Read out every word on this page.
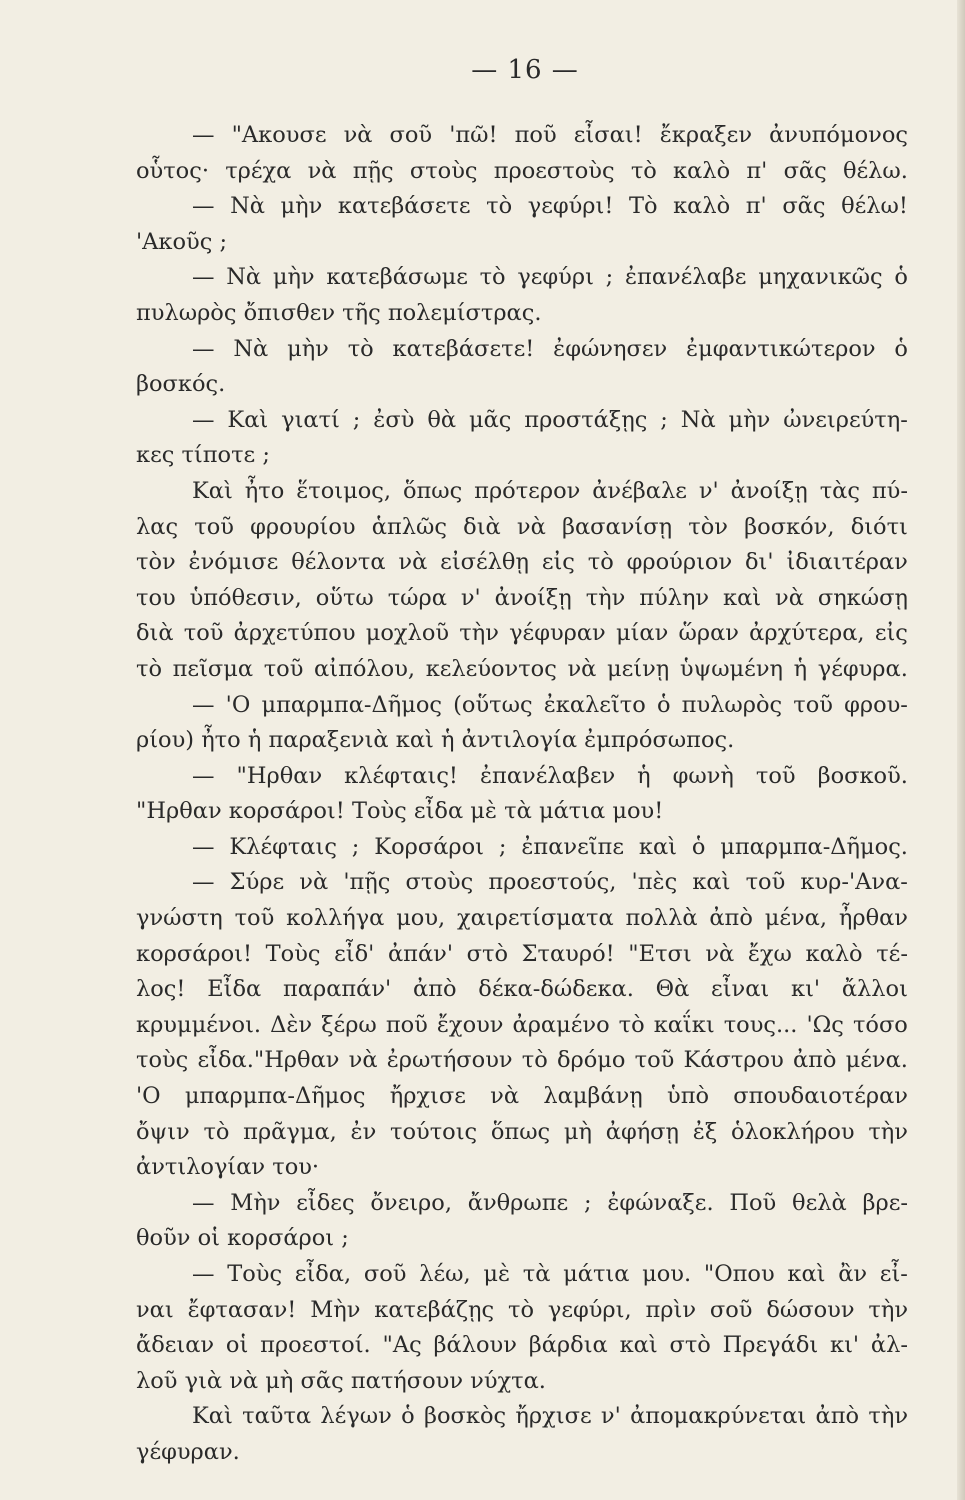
— 16 —
— "Ακουσε νὰ σοῦ 'πῶ! ποῦ εἶσαι! ἔκραξεν ἀνυπόμονος
οὗτος· τρέχα νὰ πῇς στοὺς προεστοὺς τὸ καλὸ π' σᾶς θέλω.
— Νὰ μὴν κατεβάσετε τὸ γεφύρι! Τὸ καλὸ π' σᾶς θέλω!
'Ακοῦς ;
— Νὰ μὴν κατεβάσωμε τὸ γεφύρι ; ἐπανέλαβε μηχανικῶς ὁ
πυλωρὸς ὄπισθεν τῆς πολεμίστρας.
— Νὰ μὴν τὸ κατεβάσετε! ἐφώνησεν ἐμφαντικώτερον ὁ
βοσκός.
— Καὶ γιατί ; ἐσὺ θὰ μᾶς προστάξῃς ; Νὰ μὴν ὠνειρεύτη-
κες τίποτε ;
Καὶ ἦτο ἕτοιμος, ὅπως πρότερον ἀνέβαλε ν' ἀνοίξῃ τὰς πύ-
λας τοῦ φρουρίου ἁπλῶς διὰ νὰ βασανίσῃ τὸν βοσκόν, διότι
τὸν ἐνόμισε θέλοντα νὰ εἰσέλθῃ εἰς τὸ φρούριον δι' ἰδιαιτέραν
του ὑπόθεσιν, οὕτω τώρα ν' ἀνοίξῃ τὴν πύλην καὶ νὰ σηκώσῃ
διὰ τοῦ ἀρχετύπου μοχλοῦ τὴν γέφυραν μίαν ὥραν ἀρχύτερα, εἰς
τὸ πεῖσμα τοῦ αἰπόλου, κελεύοντος νὰ μείνῃ ὑψωμένη ἡ γέφυρα.
— 'Ο μπαρμπα-Δῆμος (οὕτως ἐκαλεῖτο ὁ πυλωρὸς τοῦ φρου-
ρίου) ἦτο ἡ παραξενιὰ καὶ ἡ ἀντιλογία ἐμπρόσωπος.
— "Ηρθαν κλέφταις! ἐπανέλαβεν ἡ φωνὴ τοῦ βοσκοῦ.
"Ηρθαν κορσάροι! Τοὺς εἶδα μὲ τὰ μάτια μου!
— Κλέφταις ; Κορσάροι ; ἐπανεῖπε καὶ ὁ μπαρμπα-Δῆμος.
— Σύρε νὰ 'πῇς στοὺς προεστούς, 'πὲς καὶ τοῦ κυρ-'Ανα-
γνώστη τοῦ κολλήγα μου, χαιρετίσματα πολλὰ ἀπὸ μένα, ἦρθαν
κορσάροι! Τοὺς εἶδ' ἀπάν' στὸ Σταυρό! "Ετσι νὰ ἔχω καλὸ τέ-
λος! Εἶδα παραπάν' ἀπὸ δέκα-δώδεκα. Θὰ εἶναι κι' ἄλλοι
κρυμμένοι. Δὲν ξέρω ποῦ ἔχουν ἀραμένο τὸ καΐκι τους... 'Ως τόσο
τοὺς εἶδα."Ηρθαν νὰ ἐρωτήσουν τὸ δρόμο τοῦ Κάστρου ἀπὸ μένα.
'Ο μπαρμπα-Δῆμος ἤρχισε νὰ λαμβάνῃ ὑπὸ σπουδαιοτέραν
ὄψιν τὸ πρᾶγμα, ἐν τούτοις ὅπως μὴ ἀφήσῃ ἐξ ὁλοκλήρου τὴν
ἀντιλογίαν του·
— Μὴν εἶδες ὄνειρο, ἄνθρωπε ; ἐφώναξε. Ποῦ θελὰ βρε-
θοῦν οἱ κορσάροι ;
— Τοὺς εἶδα, σοῦ λέω, μὲ τὰ μάτια μου. "Οπου καὶ ἂν εἶ-
ναι ἔφτασαν! Μὴν κατεβάζῃς τὸ γεφύρι, πρὶν σοῦ δώσουν τὴν
ἄδειαν οἱ προεστοί. "Ας βάλουν βάρδια καὶ στὸ Πρεγάδι κι' ἀλ-
λοῦ γιὰ νὰ μὴ σᾶς πατήσουν νύχτα.
Καὶ ταῦτα λέγων ὁ βοσκὸς ἤρχισε ν' ἀπομακρύνεται ἀπὸ τὴν
γέφυραν.
